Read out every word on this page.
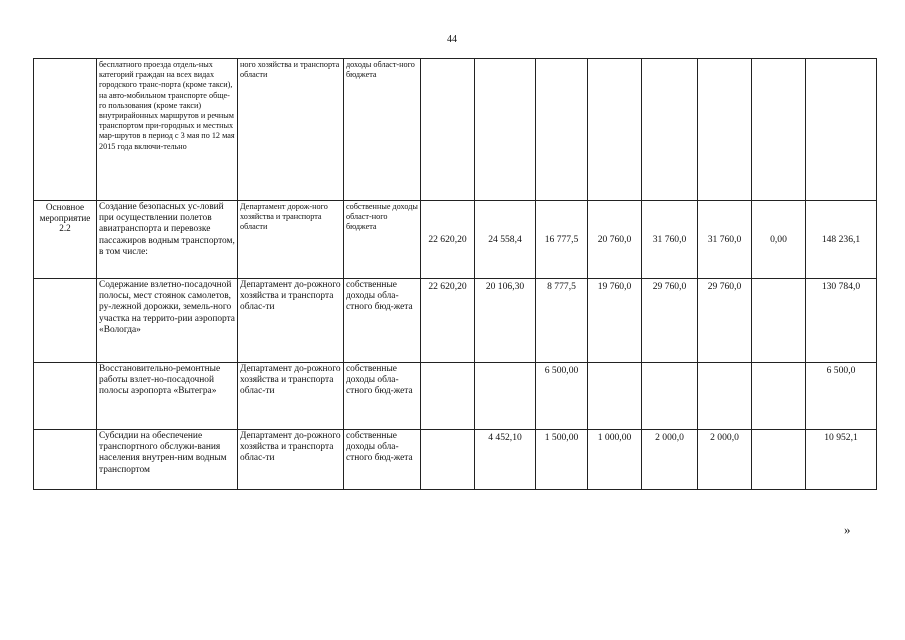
44
	бесплатного проезда отдель-ных категорий граждан на всех видах городского транс-порта (кроме такси), на авто-мобильном транспорте обще-го пользования (кроме такси) внутрирайонных маршрутов и речным транспортом при-городных и местных мар-шрутов в период с 3 мая по 12 мая 2015 года включи-тельно	ного хозяйства и транспорта области	доходы област-ного бюджета								
Основное мероприятие 2.2	Создание безопасных ус-ловий при осуществлении полетов авиатранспорта и перевозке пассажиров водным транспортом, в том числе:	Департамент дорож-ного хозяйства и транспорта области	собственные доходы област-ного бюджета	22 620,20	24 558,4	16 777,5	20 760,0	31 760,0	31 760,0	0,00	148 236,1
	Содержание взлетно-посадочной полосы, мест стоянок самолетов, ру-лежной дорожки, земель-ного участка на террито-рии аэропорта «Вологда»	Департамент до-рожного хозяйства и транспорта облас-ти	собственные доходы обла-стного бюд-жета	22 620,20	20 106,30	8 777,5	19 760,0	29 760,0	29 760,0		130 784,0
	Восстановительно-ремонтные работы взлет-но-посадочной полосы аэропорта «Вытегра»	Департамент до-рожного хозяйства и транспорта облас-ти	собственные доходы обла-стного бюд-жета			6 500,00					6 500,0
	Субсидии на обеспечение транспортного обслужи-вания населения внутрен-ним водным транспортом	Департамент до-рожного хозяйства и транспорта облас-ти	собственные доходы обла-стного бюд-жета		4 452,10	1 500,00	1 000,00	2 000,0	2 000,0		10 952,1
»
